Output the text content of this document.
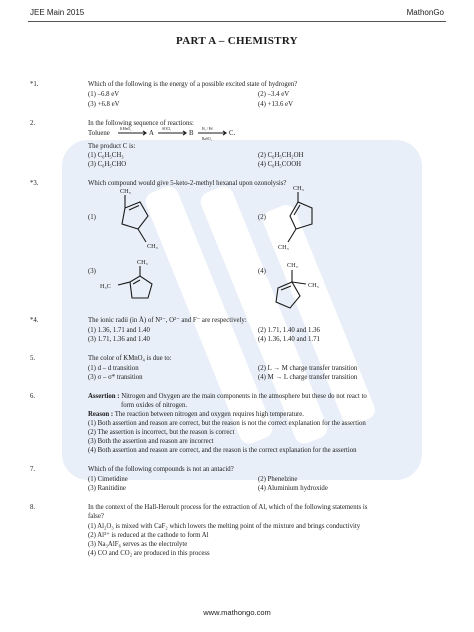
JEE Main 2015	MathonGo
PART A – CHEMISTRY
*1.	Which of the following is the energy of a possible excited state of hydrogen?
(1) –6.8 eV	(2) –3.4 eV
(3) +6.8 eV	(4) +13.6 eV
2.	In the following sequence of reactions:
Toluene
KMnO₄
A
SOCl₂
B
H₂ / Pd
BaSO₄
C.
The product C is:
(1) C₆H₅CH₃	(2) C₆H₅CH₂OH
(3) C₆H₅CHO	(4) C₆H₅COOH
*3.	Which compound would give 5-keto-2-methyl hexanal upon ozonolysis?
(1)
CH₃
CH₃
(2)
CH₃
CH₃
(3)
CH₃
H₃C
(4)
CH₃
CH₃
*4.	The ionic radii (in Å) of N³⁻, O²⁻ and F⁻ are respectively:
(1) 1.36, 1.71 and 1.40	(2) 1.71, 1.40 and 1.36
(3) 1.71, 1.36 and 1.40	(4) 1.36, 1.40 and 1.71
5.	The color of KMnO₄ is due to:
(1) d – d transition	(2) L → M charge transfer transition
(3) σ – σ* transition	(4) M → L charge transfer transition
6.	Assertion : Nitrogen and Oxygen are the main components in the atmosphere but these do not react to
form oxides of nitrogen.
Reason : The reaction between nitrogen and oxygen requires high temperature.
(1) Both assertion and reason are correct, but the reason is not the correct explanation for the assertion
(2) The assertion is incorrect, but the reason is correct
(3) Both the assertion and reason are incorrect
(4) Both assertion and reason are correct, and the reason is the correct explanation for the assertion
7.	Which of the following compounds is not an antacid?
(1) Cimetidine	(2) Phenelzine
(3) Ranitidine	(4) Aluminium hydroxide
8.	In the context of the Hall-Heroult process for the extraction of Al, which of the following statements is
false?
(1) Al₂O₃ is mixed with CaF₂ which lowers the melting point of the mixture and brings conductivity
(2) Al³⁺ is reduced at the cathode to form Al
(3) Na₃AlF₆ serves as the electrolyte
(4) CO and CO₂ are produced in this process
www.mathongo.com
